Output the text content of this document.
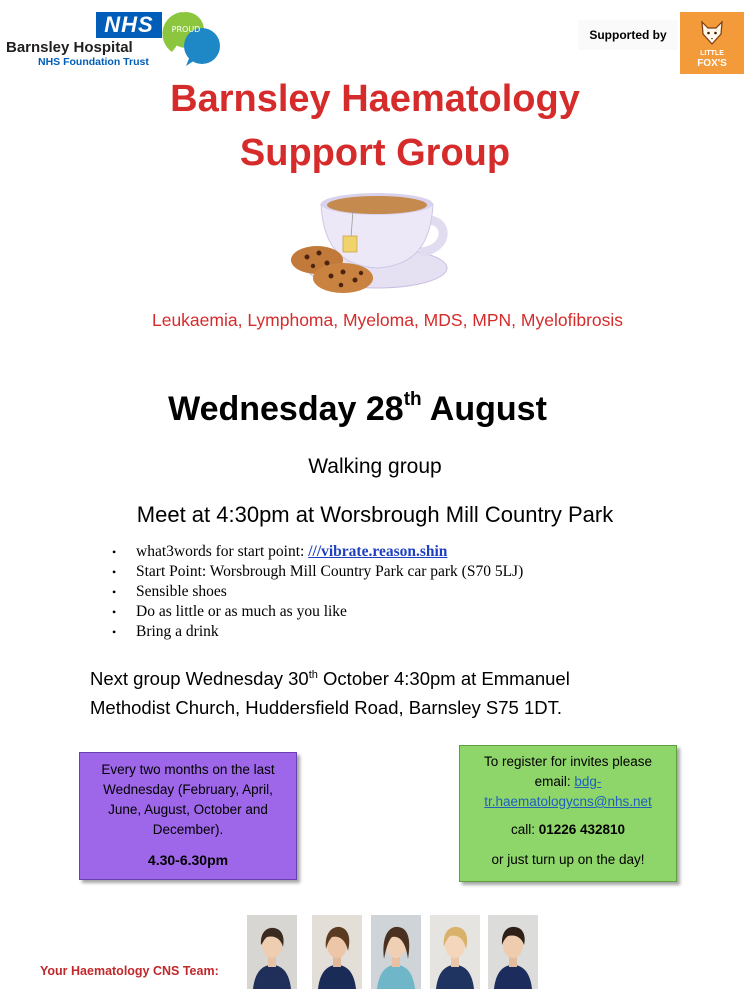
NHS
Barnsley Hospital
NHS Foundation Trust
PROUD	Supported by
LITTLE
FOX'S
Barnsley Haematology
Support Group
Leukaemia, Lymphoma, Myeloma, MDS, MPN, Myelofibrosis
Wednesday 28th August
Walking group
Meet at 4:30pm at Worsbrough Mill Country Park
• what3words for start point: ///vibrate.reason.shin
• Start Point: Worsbrough Mill Country Park car park (S70 5LJ)
• Sensible shoes
• Do as little or as much as you like
• Bring a drink
Next group Wednesday 30th October 4:30pm at Emmanuel
Methodist Church, Huddersfield Road, Barnsley S75 1DT.
Every two months on the last Wednesday (February, April, June, August, October and December).
4.30-6.30pm
To register for invites please email: bdg-tr.haematologycns@nhs.net
call: 01226 432810
or just turn up on the day!
Your Haematology CNS Team:
